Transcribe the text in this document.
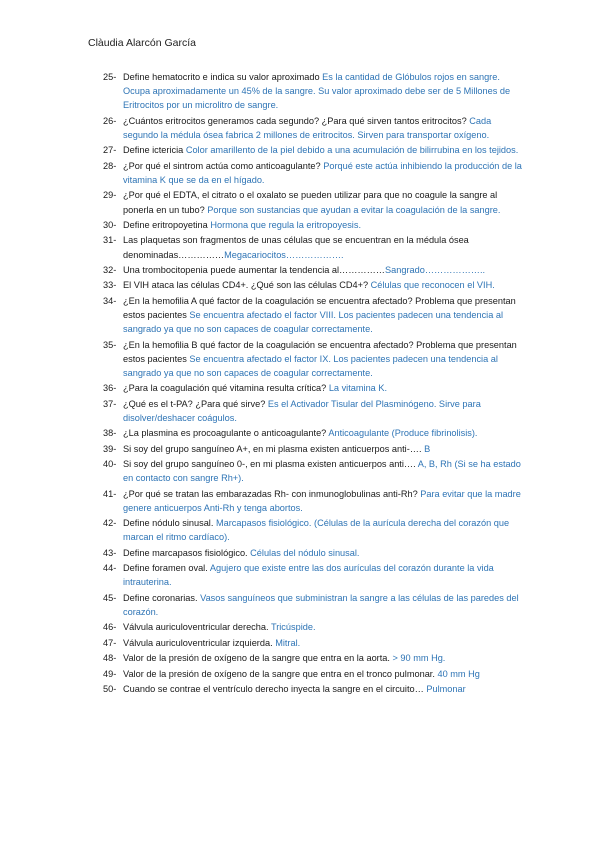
Clàudia Alarcón García
25- Define hematocrito e indica su valor aproximado Es la cantidad de Glóbulos rojos en sangre. Ocupa aproximadamente un 45% de la sangre. Su valor aproximado debe ser de 5 Millones de Eritrocitos por un microlitro de sangre.
26- ¿Cuántos eritrocitos generamos cada segundo? ¿Para qué sirven tantos eritrocitos? Cada segundo la médula ósea fabrica 2 millones de eritrocitos. Sirven para transportar oxígeno.
27- Define ictericia Color amarillento de la piel debido a una acumulación de bilirrubina en los tejidos.
28- ¿Por qué el sintrom actúa como anticoagulante? Porqué este actúa inhibiendo la producción de la vitamina K que se da en el hígado.
29- ¿Por qué el EDTA, el citrato o el oxalato se pueden utilizar para que no coagule la sangre al ponerla en un tubo? Porque son sustancias que ayudan a evitar la coagulación de la sangre.
30- Define eritropoyetina Hormona que regula la eritropoyesis.
31- Las plaquetas son fragmentos de unas células que se encuentran en la médula ósea denominadas……………Megacariocitos……………….
32- Una trombocitopenia puede aumentar la tendencia al……………Sangrado………………..
33- El VIH ataca las células CD4+. ¿Qué son las células CD4+? Células que reconocen el VIH.
34- ¿En la hemofilia A qué factor de la coagulación se encuentra afectado? Problema que presentan estos pacientes Se encuentra afectado el factor VIII. Los pacientes padecen una tendencia al sangrado ya que no son capaces de coagular correctamente.
35- ¿En la hemofilia B qué factor de la coagulación se encuentra afectado? Problema que presentan estos pacientes Se encuentra afectado el factor IX. Los pacientes padecen una tendencia al sangrado ya que no son capaces de coagular correctamente.
36- ¿Para la coagulación qué vitamina resulta crítica? La vitamina K.
37- ¿Qué es el t-PA? ¿Para qué sirve? Es el Activador Tisular del Plasminógeno. Sirve para disolver/deshacer coágulos.
38- ¿La plasmina es procoagulante o anticoagulante? Anticoagulante (Produce fibrinolisis).
39- Si soy del grupo sanguíneo A+, en mi plasma existen anticuerpos anti-…. B
40- Si soy del grupo sanguíneo 0-, en mi plasma existen anticuerpos anti…. A, B, Rh (Si se ha estado en contacto con sangre Rh+).
41- ¿Por qué se tratan las embarazadas Rh- con inmunoglobulinas anti-Rh? Para evitar que la madre genere anticuerpos Anti-Rh y tenga abortos.
42- Define nódulo sinusal. Marcapasos fisiológico. (Células de la aurícula derecha del corazón que marcan el ritmo cardíaco).
43- Define marcapasos fisiológico. Células del nódulo sinusal.
44- Define foramen oval. Agujero que existe entre las dos aurículas del corazón durante la vida intrauterina.
45- Define coronarias. Vasos sanguíneos que subministran la sangre a las células de las paredes del corazón.
46- Válvula auriculoventricular derecha. Tricúspide.
47- Válvula auriculoventricular izquierda. Mitral.
48- Valor de la presión de oxígeno de la sangre que entra en la aorta. > 90 mm Hg.
49- Valor de la presión de oxígeno de la sangre que entra en el tronco pulmonar. 40 mm Hg
50- Cuando se contrae el ventrículo derecho inyecta la sangre en el circuito… Pulmonar
